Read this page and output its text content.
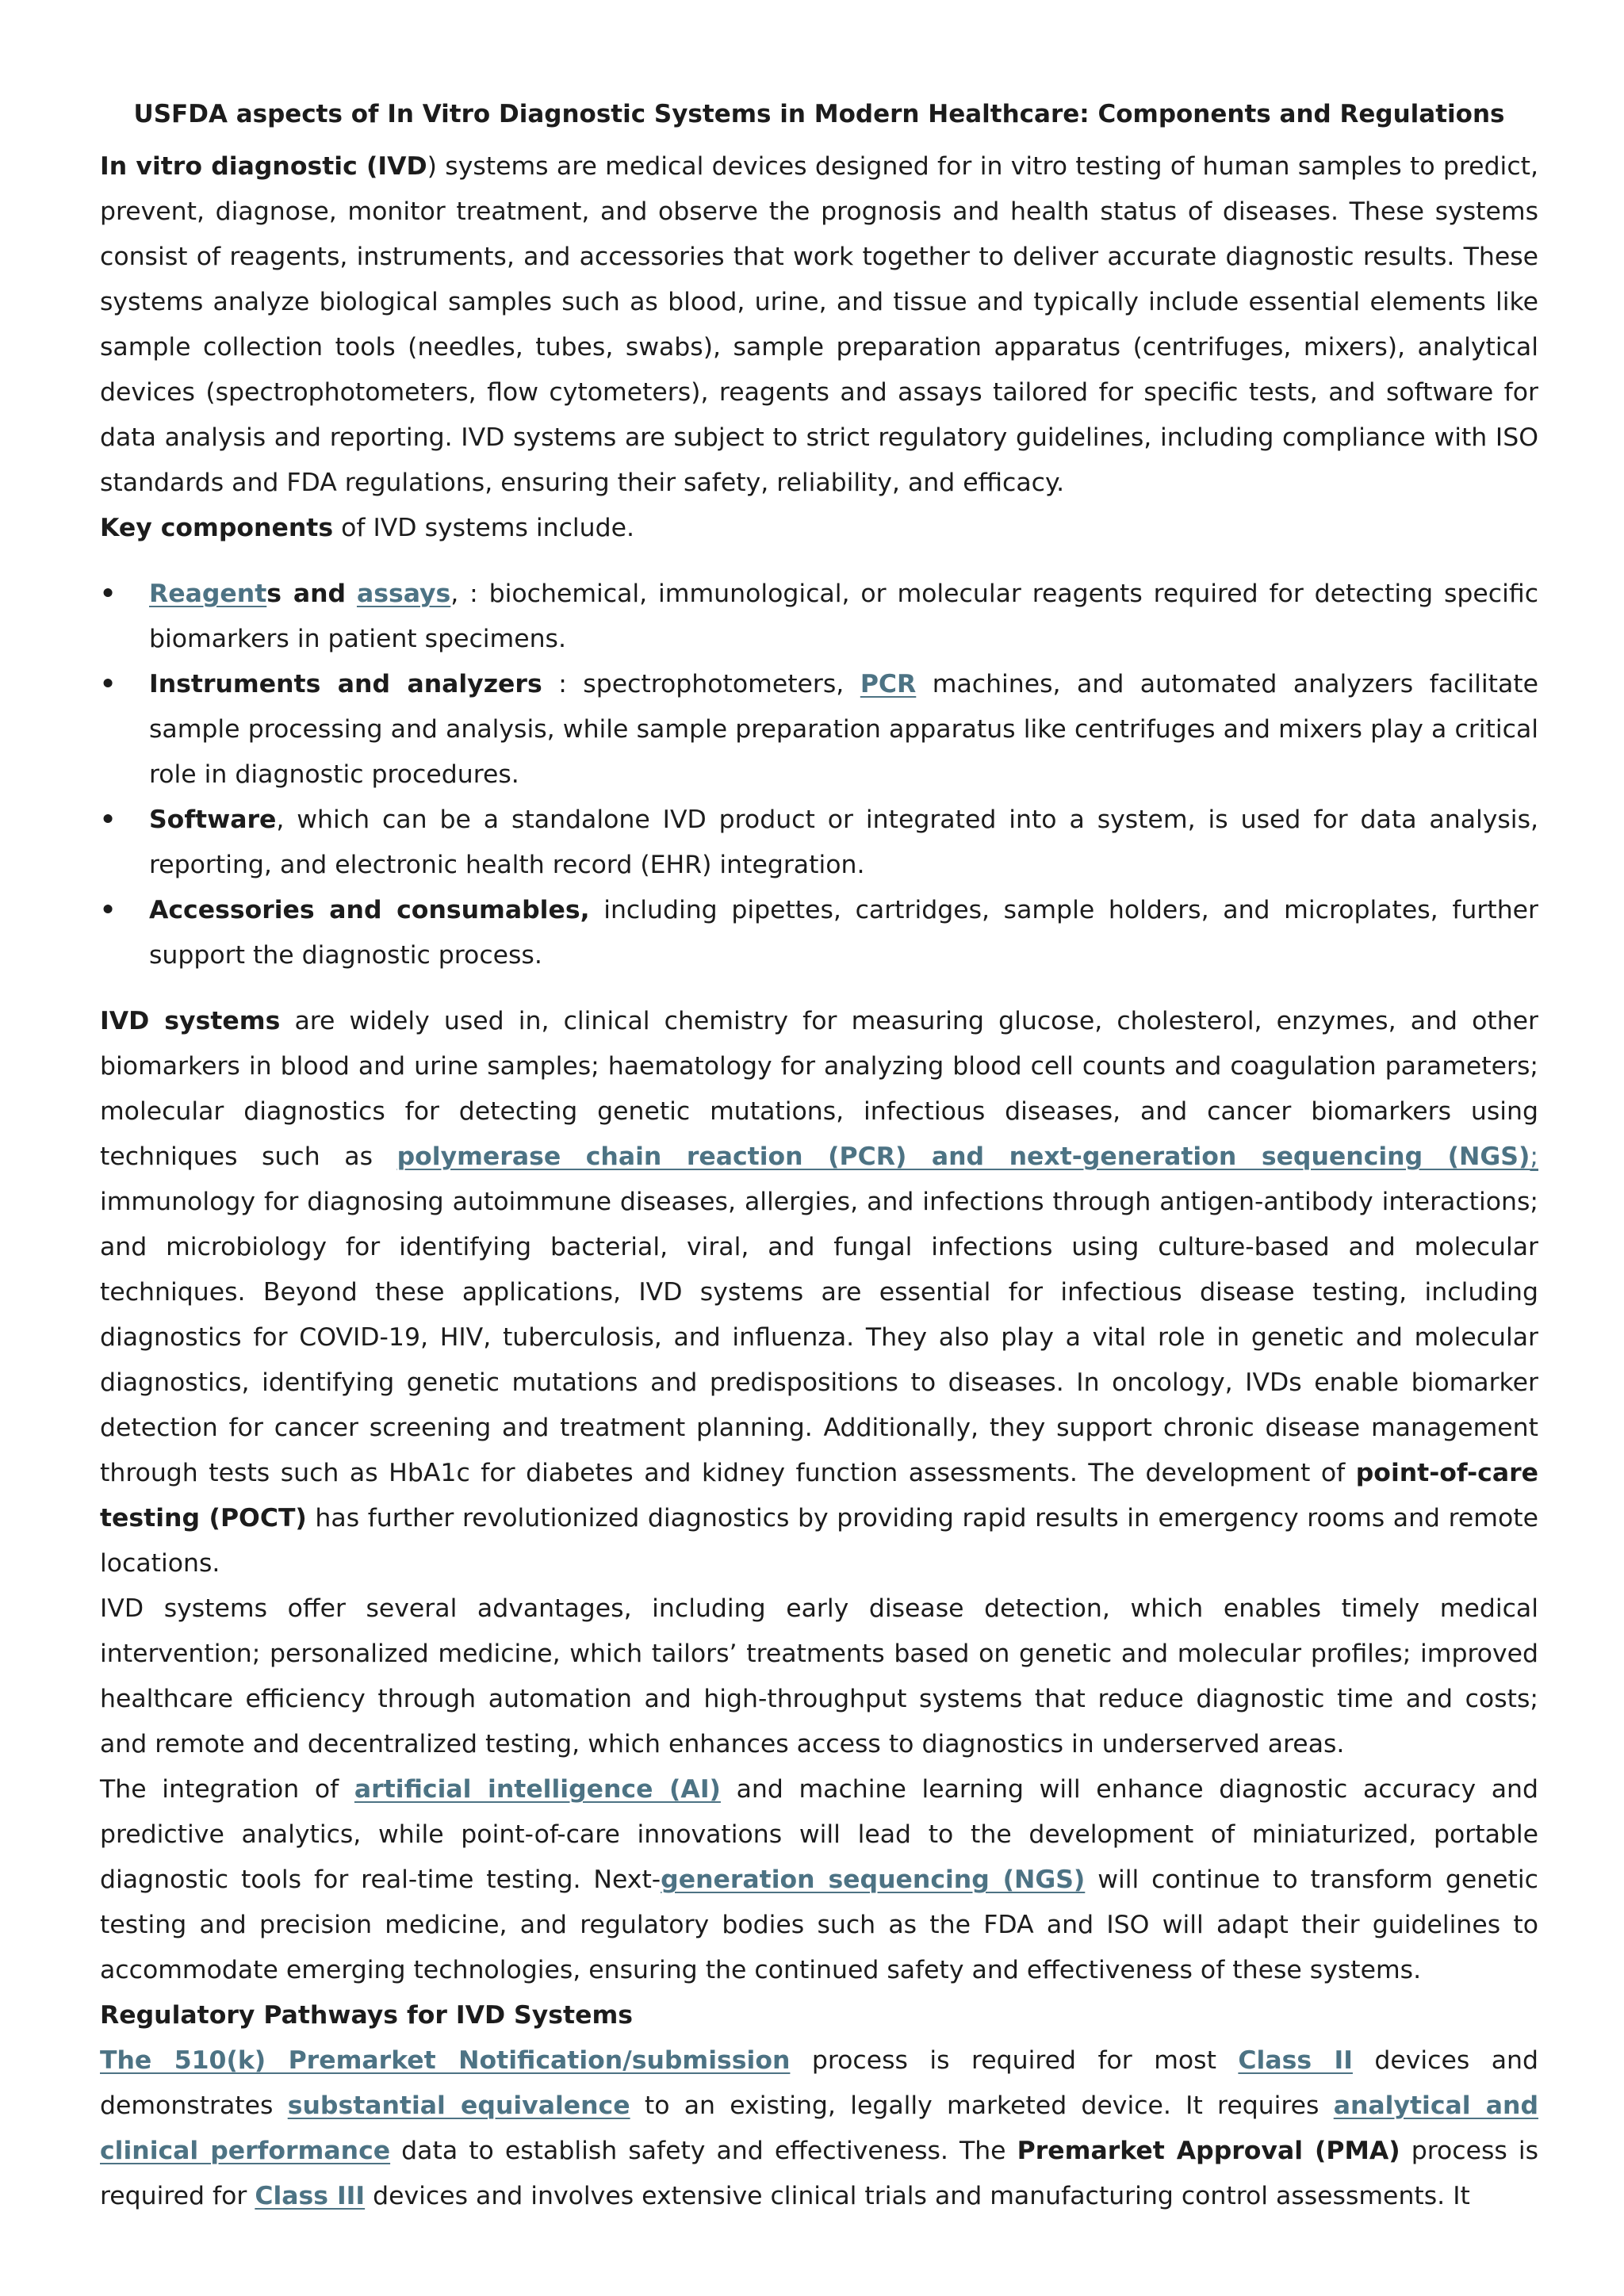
USFDA aspects of In Vitro Diagnostic Systems in Modern Healthcare: Components and Regulations

In vitro diagnostic (IVD) systems are medical devices designed for in vitro testing of human samples to predict, prevent, diagnose, monitor treatment, and observe the prognosis and health status of diseases. These systems consist of reagents, instruments, and accessories that work together to deliver accurate diagnostic results. These systems analyze biological samples such as blood, urine, and tissue and typically include essential elements like sample collection tools (needles, tubes, swabs), sample preparation apparatus (centrifuges, mixers), analytical devices (spectrophotometers, flow cytometers), reagents and assays tailored for specific tests, and software for data analysis and reporting. IVD systems are subject to strict regulatory guidelines, including compliance with ISO standards and FDA regulations, ensuring their safety, reliability, and efficacy.

Key components of IVD systems include.

•	Reagents and assays, : biochemical, immunological, or molecular reagents required for detecting specific biomarkers in patient specimens.
•	Instruments and analyzers : spectrophotometers, PCR machines, and automated analyzers facilitate sample processing and analysis, while sample preparation apparatus like centrifuges and mixers play a critical role in diagnostic procedures.
•	Software, which can be a standalone IVD product or integrated into a system, is used for data analysis, reporting, and electronic health record (EHR) integration.
•	Accessories and consumables, including pipettes, cartridges, sample holders, and microplates, further support the diagnostic process.

IVD systems are widely used in, clinical chemistry for measuring glucose, cholesterol, enzymes, and other biomarkers in blood and urine samples; haematology for analyzing blood cell counts and coagulation parameters; molecular diagnostics for detecting genetic mutations, infectious diseases, and cancer biomarkers using techniques such as polymerase chain reaction (PCR) and next-generation sequencing (NGS); immunology for diagnosing autoimmune diseases, allergies, and infections through antigen-antibody interactions; and microbiology for identifying bacterial, viral, and fungal infections using culture-based and molecular techniques. Beyond these applications, IVD systems are essential for infectious disease testing, including diagnostics for COVID-19, HIV, tuberculosis, and influenza. They also play a vital role in genetic and molecular diagnostics, identifying genetic mutations and predispositions to diseases. In oncology, IVDs enable biomarker detection for cancer screening and treatment planning. Additionally, they support chronic disease management through tests such as HbA1c for diabetes and kidney function assessments. The development of point-of-care testing (POCT) has further revolutionized diagnostics by providing rapid results in emergency rooms and remote locations.

IVD systems offer several advantages, including early disease detection, which enables timely medical intervention; personalized medicine, which tailors’ treatments based on genetic and molecular profiles; improved healthcare efficiency through automation and high-throughput systems that reduce diagnostic time and costs; and remote and decentralized testing, which enhances access to diagnostics in underserved areas.

The integration of artificial intelligence (AI) and machine learning will enhance diagnostic accuracy and predictive analytics, while point-of-care innovations will lead to the development of miniaturized, portable diagnostic tools for real-time testing. Next-generation sequencing (NGS) will continue to transform genetic testing and precision medicine, and regulatory bodies such as the FDA and ISO will adapt their guidelines to accommodate emerging technologies, ensuring the continued safety and effectiveness of these systems.

Regulatory Pathways for IVD Systems

The 510(k) Premarket Notification/submission process is required for most Class II devices and demonstrates substantial equivalence to an existing, legally marketed device. It requires analytical and clinical performance data to establish safety and effectiveness. The Premarket Approval (PMA) process is required for Class III devices and involves extensive clinical trials and manufacturing control assessments. It
